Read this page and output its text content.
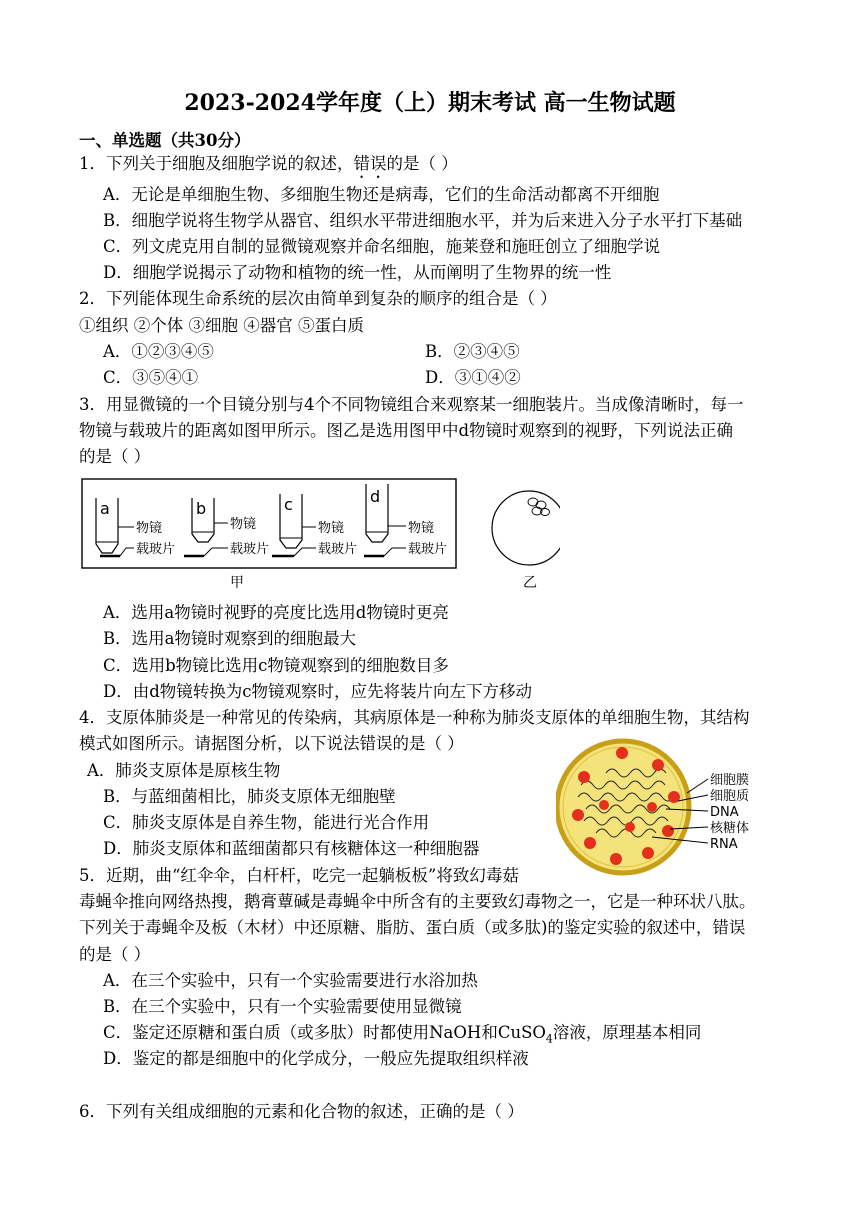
2023-2024学年度（上）期末考试 高一生物试题
一、单选题（共30分）
1．下列关于细胞及细胞学说的叙述，错误的是（ ）
A．无论是单细胞生物、多细胞生物还是病毒，它们的生命活动都离不开细胞
B．细胞学说将生物学从器官、组织水平带进细胞水平，并为后来进入分子水平打下基础
C．列文虎克用自制的显微镜观察并命名细胞，施莱登和施旺创立了细胞学说
D．细胞学说揭示了动物和植物的统一性，从而阐明了生物界的统一性
2．下列能体现生命系统的层次由简单到复杂的顺序的组合是（ ）
①组织 ②个体 ③细胞 ④器官 ⑤蛋白质
A．①②③④⑤	B．②③④⑤
C．③⑤④①	D．③①④②
3．用显微镜的一个目镜分别与4个不同物镜组合来观察某一细胞装片。当成像清晰时，每一
物镜与载玻片的距离如图甲所示。图乙是选用图甲中d物镜时观察到的视野，下列说法正确
的是（ ）
a
物镜
载玻片
b
物镜
载玻片
c
物镜
载玻片
d
物镜
载玻片
甲	乙
A．选用a物镜时视野的亮度比选用d物镜时更亮
B．选用a物镜时观察到的细胞最大
C．选用b物镜比选用c物镜观察到的细胞数目多
D．由d物镜转换为c物镜观察时，应先将装片向左下方移动
4．支原体肺炎是一种常见的传染病，其病原体是一种称为肺炎支原体的单细胞生物，其结构
模式如图所示。请据图分析，以下说法错误的是（ ）
A．肺炎支原体是原核生物
B．与蓝细菌相比，肺炎支原体无细胞壁
C．肺炎支原体是自养生物，能进行光合作用
D．肺炎支原体和蓝细菌都只有核糖体这一种细胞器
细胞膜
细胞质
DNA
核糖体
RNA
5．近期，曲“红伞伞，白杆杆，吃完一起躺板板”将致幻毒菇
毒蝇伞推向网络热搜，鹅膏蕈碱是毒蝇伞中所含有的主要致幻毒物之一，它是一种环状八肽。
下列关于毒蝇伞及板（木材）中还原糖、脂肪、蛋白质（或多肽)的鉴定实验的叙述中，错误
的是（ ）
A．在三个实验中，只有一个实验需要进行水浴加热
B．在三个实验中，只有一个实验需要使用显微镜
C．鉴定还原糖和蛋白质（或多肽）时都使用NaOH和CuSO$_4$溶液，原理基本相同
D．鉴定的都是细胞中的化学成分，一般应先提取组织样液
6．下列有关组成细胞的元素和化合物的叙述，正确的是（ ）
